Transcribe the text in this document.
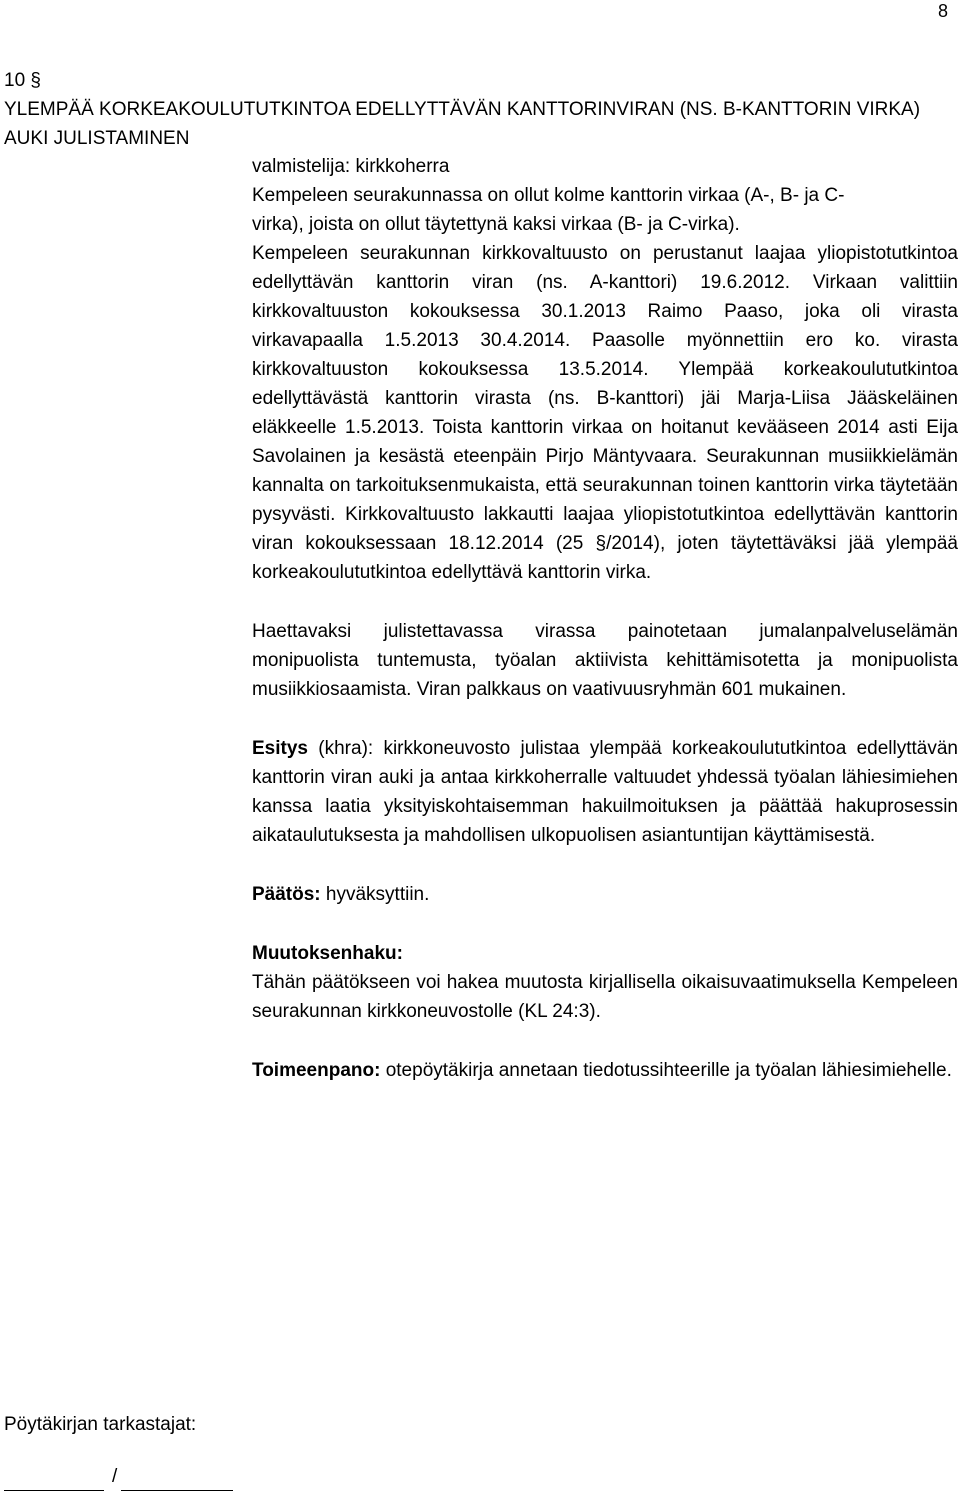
8
10 §
YLEMPÄÄ KORKEAKOULUTUTKINTOA EDELLYTTÄVÄN KANTTORINVIRAN (NS. B-KANTTORIN VIRKA)
AUKI JULISTAMINEN
valmistelija: kirkkoherra
Kempeleen seurakunnassa on ollut kolme kanttorin virkaa (A-, B- ja C-
virka), joista on ollut täytettynä kaksi virkaa (B- ja C-virka).

Kempeleen seurakunnan kirkkovaltuusto on perustanut laajaa yliopistotutkintoa edellyttävän kanttorin viran (ns. A-kanttori) 19.6.2012. Virkaan valittiin kirkkovaltuuston kokouksessa 30.1.2013 Raimo Paaso, joka oli virasta virkavapaalla 1.5.2013 30.4.2014. Paasolle myönnettiin ero ko. virasta kirkkovaltuuston kokouksessa 13.5.2014. Ylempää korkeakoulututkintoa edellyttävästä kanttorin virasta (ns. B-kanttori) jäi Marja-Liisa Jääskeläinen eläkkeelle 1.5.2013. Toista kanttorin virkaa on hoitanut kevääseen 2014 asti Eija Savolainen ja kesästä eteenpäin Pirjo Mäntyvaara. Seurakunnan musiikkielämän kannalta on tarkoituksenmukaista, että seurakunnan toinen kanttorin virka täytetään pysyvästi. Kirkkovaltuusto lakkautti laajaa yliopistotutkintoa edellyttävän kanttorin viran kokouksessaan 18.12.2014 (25 §/2014), joten täytettäväksi jää ylempää korkeakoulututkintoa edellyttävä kanttorin virka.

Haettavaksi julistettavassa virassa painotetaan jumalanpalveluselämän monipuolista tuntemusta, työalan aktiivista kehittämisotetta ja monipuolista musiikkiosaamista. Viran palkkaus on vaativuusryhmän 601 mukainen.

Esitys (khra): kirkkoneuvosto julistaa ylempää korkeakoulututkintoa edellyttävän kanttorin viran auki ja antaa kirkkoherralle valtuudet yhdessä työalan lähiesimiehen kanssa laatia yksityiskohtaisemman hakuilmoituksen ja päättää hakuprosessin aikataulutuksesta ja mahdollisen ulkopuolisen asiantuntijan käyttämisestä.

Päätös: hyväksyttiin.

Muutoksenhaku:

Tähän päätökseen voi hakea muutosta kirjallisella oikaisuvaatimuksella Kempeleen seurakunnan kirkkoneuvostolle (KL 24:3).

Toimeenpano: otepöytäkirja annetaan tiedotussihteerille ja työalan lähiesimiehelle.

Pöytäkirjan tarkastajat:
/
